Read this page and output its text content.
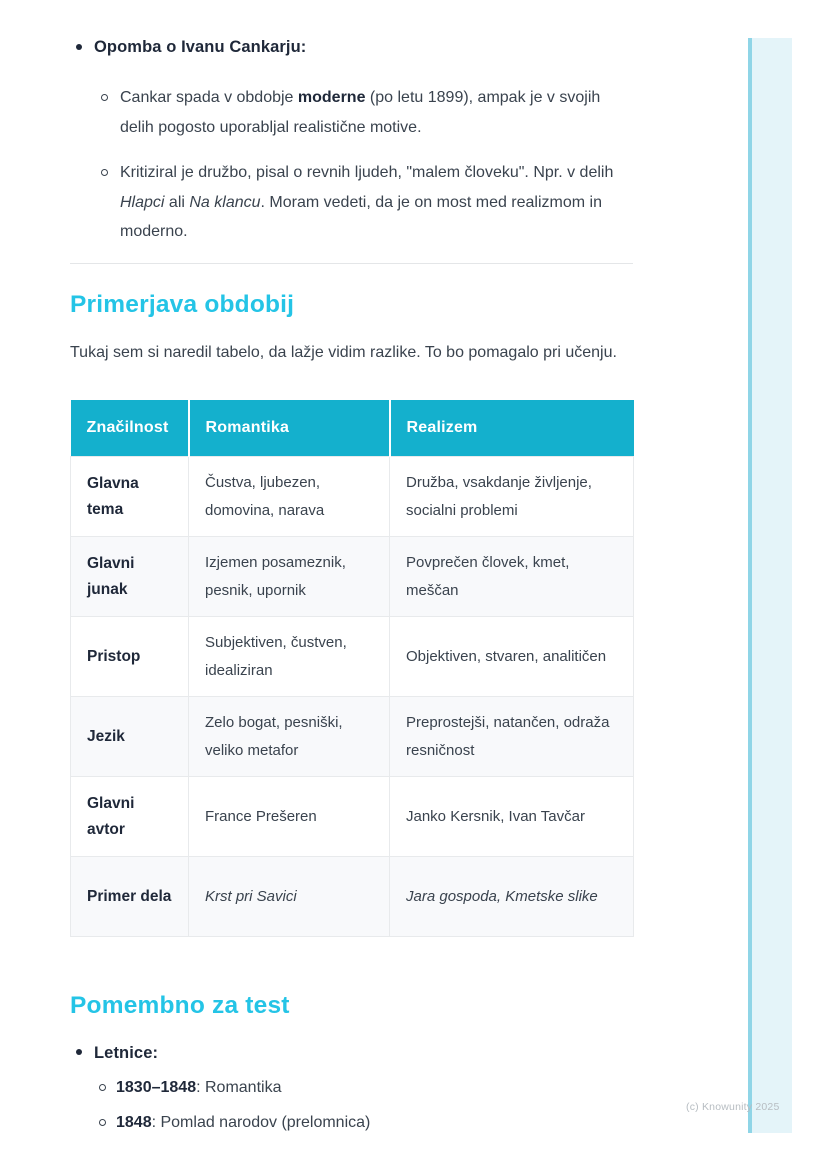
Opomba o Ivanu Cankarju:
Cankar spada v obdobje moderne (po letu 1899), ampak je v svojih delih pogosto uporabljal realistične motive.
Kritiziral je družbo, pisal o revnih ljudeh, "malem človeku". Npr. v delih Hlapci ali Na klancu. Moram vedeti, da je on most med realizmom in moderno.
Primerjava obdobij

Tukaj sem si naredil tabelo, da lažje vidim razlike. To bo pomagalo pri učenju.

Značilnost	Romantika	Realizem
Glavna tema	Čustva, ljubezen, domovina, narava	Družba, vsakdanje življenje, socialni problemi
Glavni junak	Izjemen posameznik, pesnik, upornik	Povprečen človek, kmet, meščan
Pristop	Subjektiven, čustven, idealiziran	Objektiven, stvaren, analitičen
Jezik	Zelo bogat, pesniški, veliko metafor	Preprostejši, natančen, odraža resničnost
Glavni avtor	France Prešeren	Janko Kersnik, Ivan Tavčar
Primer dela	Krst pri Savici	Jara gospoda, Kmetske slike
Pomembno za test
Letnice:
1830–1848: Romantika
1848: Pomlad narodov (prelomnica)
(c) Knowunity 2025
